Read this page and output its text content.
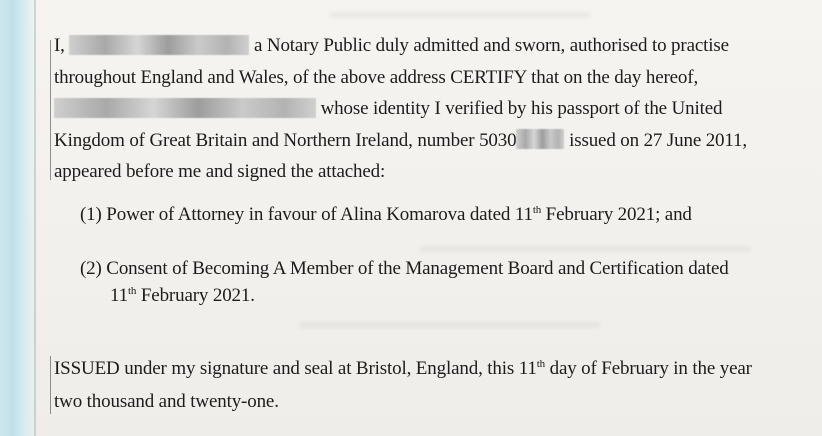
I,	a Notary Public duly admitted and sworn, authorised to practise
throughout England and Wales, of the above address CERTIFY that on the day hereof,
whose identity I verified by his passport of the United
Kingdom of Great Britain and Northern Ireland, number 5030	issued on 27 June 2011,
appeared before me and signed the attached:
(1) Power of Attorney in favour of Alina Komarova dated 11th February 2021; and
(2) Consent of Becoming A Member of the Management Board and Certification dated
11th February 2021.
ISSUED under my signature and seal at Bristol, England, this 11th day of February in the year
two thousand and twenty-one.
